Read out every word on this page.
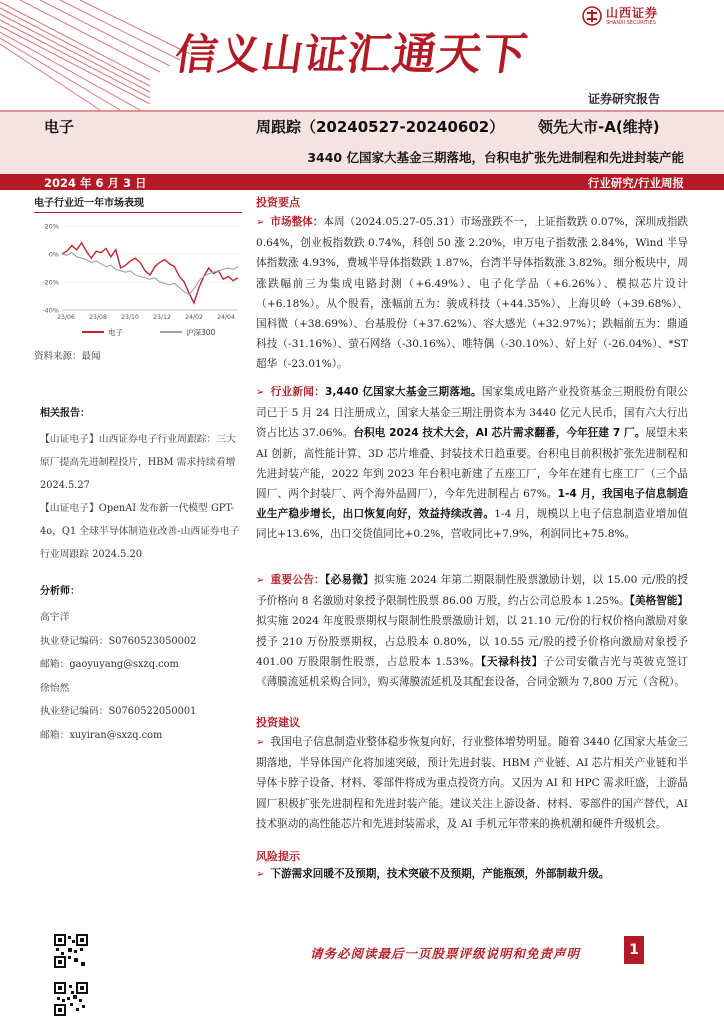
信义山证汇通天下
山西证券
SHANXI SECURITIES
证券研究报告
电子	周跟踪（20240527-20240602） 领先大市-A(维持)
3440 亿国家大基金三期落地，台积电扩张先进制程和先进封装产能
2024 年 6 月 3 日	行业研究/行业周报
电子行业近一年市场表现
20%
0%
-20%
-40%
23/06 23/08 23/10 23/12 24/02 24/04
电子	沪深300
资料来源：最闻
相关报告：

【山证电子】山西证券电子行业周跟踪：三大原厂提高先进制程投片，HBM 需求持续看增 2024.5.27

【山证电子】OpenAI 发布新一代模型 GPT-4o，Q1 全球半导体制造业改善-山西证券电子行业周跟踪 2024.5.20

分析师：

高宇洋

执业登记编码：S0760523050002

邮箱：gaoyuyang@sxzq.com

徐怡然

执业登记编码：S0760522050001

邮箱：xuyiran@sxzq.com

投资要点
➢ 市场整体：本周（2024.05.27-05.31）市场涨跌不一，上证指数跌 0.07%，深圳成指跌 0.64%，创业板指数跌 0.74%，科创 50 涨 2.20%，申万电子指数涨 2.84%，Wind 半导体指数涨 4.93%，费城半导体指数跌 1.87%，台湾半导体指数涨 3.82%。细分板块中，周涨跌幅前三为集成电路封测（+6.49%）、电子化学品（+6.26%）、模拟芯片设计（+6.18%）。从个股看，涨幅前五为：骏成科技（+44.35%）、上海贝岭（+39.68%）、国科微（+38.69%）、台基股份（+37.62%）、容大感光（+32.97%）；跌幅前五为：鼎通科技（-31.16%）、萤石网络（-30.16%）、唯特偶（-30.10%）、好上好（-26.04%）、*ST 超华（-23.01%）。
➢ 行业新闻：3,440 亿国家大基金三期落地。国家集成电路产业投资基金三期股份有限公司已于 5 月 24 日注册成立，国家大基金三期注册资本为 3440 亿元人民币，国有六大行出资占比达 37.06%。台积电 2024 技术大会，AI 芯片需求翻番，今年狂建 7 厂。展望未来 AI 创新，高性能计算、3D 芯片堆叠、封装技术日趋重要。台积电目前积极扩张先进制程和先进封装产能，2022 年到 2023 年台积电新建了五座工厂，今年在建有七座工厂（三个晶圆厂、两个封装厂、两个海外晶圆厂），今年先进制程占 67%。1-4 月，我国电子信息制造业生产稳步增长，出口恢复向好，效益持续改善。1-4 月，规模以上电子信息制造业增加值同比+13.6%，出口交货值同比+0.2%，营收同比+7.9%，利润同比+75.8%。
➢ 重要公告：【必易微】拟实施 2024 年第二期限制性股票激励计划，以 15.00 元/股的授予价格向 8 名激励对象授予限制性股票 86.00 万股，约占公司总股本 1.25%。【美格智能】拟实施 2024 年度股票期权与限制性股票激励计划，以 21.10 元/份的行权价格向激励对象授予 210 万份股票期权，占总股本 0.80%，以 10.55 元/股的授予价格向激励对象授予 401.00 万股限制性股票，占总股本 1.53%。【天禄科技】子公司安徽吉光与英彼克签订《薄膜流延机采购合同》，购买薄膜流延机及其配套设备，合同金额为 7,800 万元（含税）。
投资建议
➢ 我国电子信息制造业整体稳步恢复向好，行业整体增势明显。随着 3440 亿国家大基金三期落地，半导体国产化将加速突破，预计先进封装、HBM 产业链、AI 芯片相关产业链和半导体卡脖子设备、材料、零部件将成为重点投资方向。又因为 AI 和 HPC 需求旺盛，上游晶圆厂积极扩张先进制程和先进封装产能。建议关注上游设备、材料、零部件的国产替代，AI 技术驱动的高性能芯片和先进封装需求，及 AI 手机元年带来的换机潮和硬件升级机会。
风险提示
➢ 下游需求回暖不及预期，技术突破不及预期，产能瓶颈，外部制裁升级。
请务必阅读最后一页股票评级说明和免责声明	1
